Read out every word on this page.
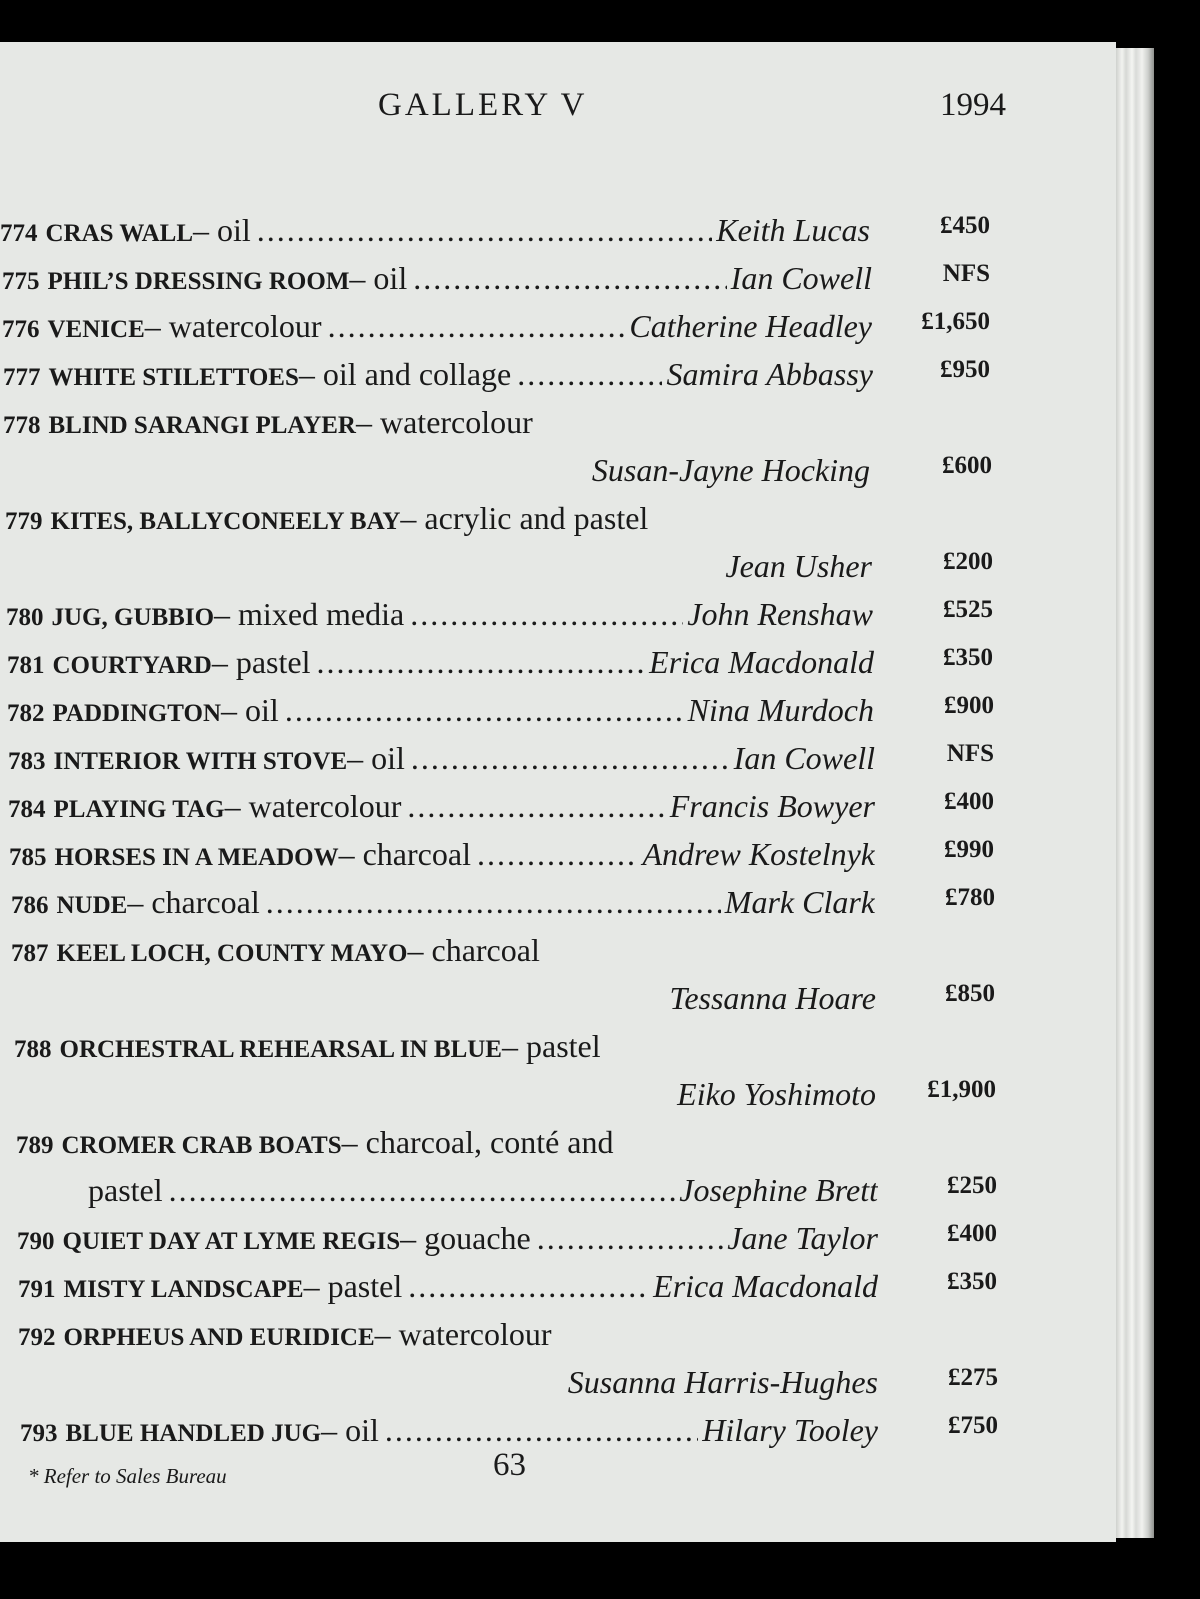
GALLERY V	1994
774 CRAS WALL – oil .....	Keith Lucas	£450
775 PHIL’S DRESSING ROOM – oil .....	Ian Cowell	NFS
776 VENICE – watercolour .....	Catherine Headley	£1,650
777 WHITE STILETTOES – oil and collage .....	Samira Abbassy	£950
778 BLIND SARANGI PLAYER – watercolour
Susan-Jayne Hocking	£600
779 KITES, BALLYCONEELY BAY – acrylic and pastel
Jean Usher	£200
780 JUG, GUBBIO – mixed media .....	John Renshaw	£525
781 COURTYARD – pastel .....	Erica Macdonald	£350
782 PADDINGTON – oil .....	Nina Murdoch	£900
783 INTERIOR WITH STOVE – oil .....	Ian Cowell	NFS
784 PLAYING TAG – watercolour .....	Francis Bowyer	£400
785 HORSES IN A MEADOW – charcoal .....	Andrew Kostelnyk	£990
786 NUDE – charcoal .....	Mark Clark	£780
787 KEEL LOCH, COUNTY MAYO – charcoal
Tessanna Hoare	£850
788 ORCHESTRAL REHEARSAL IN BLUE – pastel
Eiko Yoshimoto	£1,900
789 CROMER CRAB BOATS – charcoal, conté and
pastel .....	Josephine Brett	£250
790 QUIET DAY AT LYME REGIS – gouache .....	Jane Taylor	£400
791 MISTY LANDSCAPE – pastel .....	Erica Macdonald	£350
792 ORPHEUS AND EURIDICE – watercolour
Susanna Harris-Hughes	£275
793 BLUE HANDLED JUG – oil .....	Hilary Tooley	£750
* Refer to Sales Bureau	63
